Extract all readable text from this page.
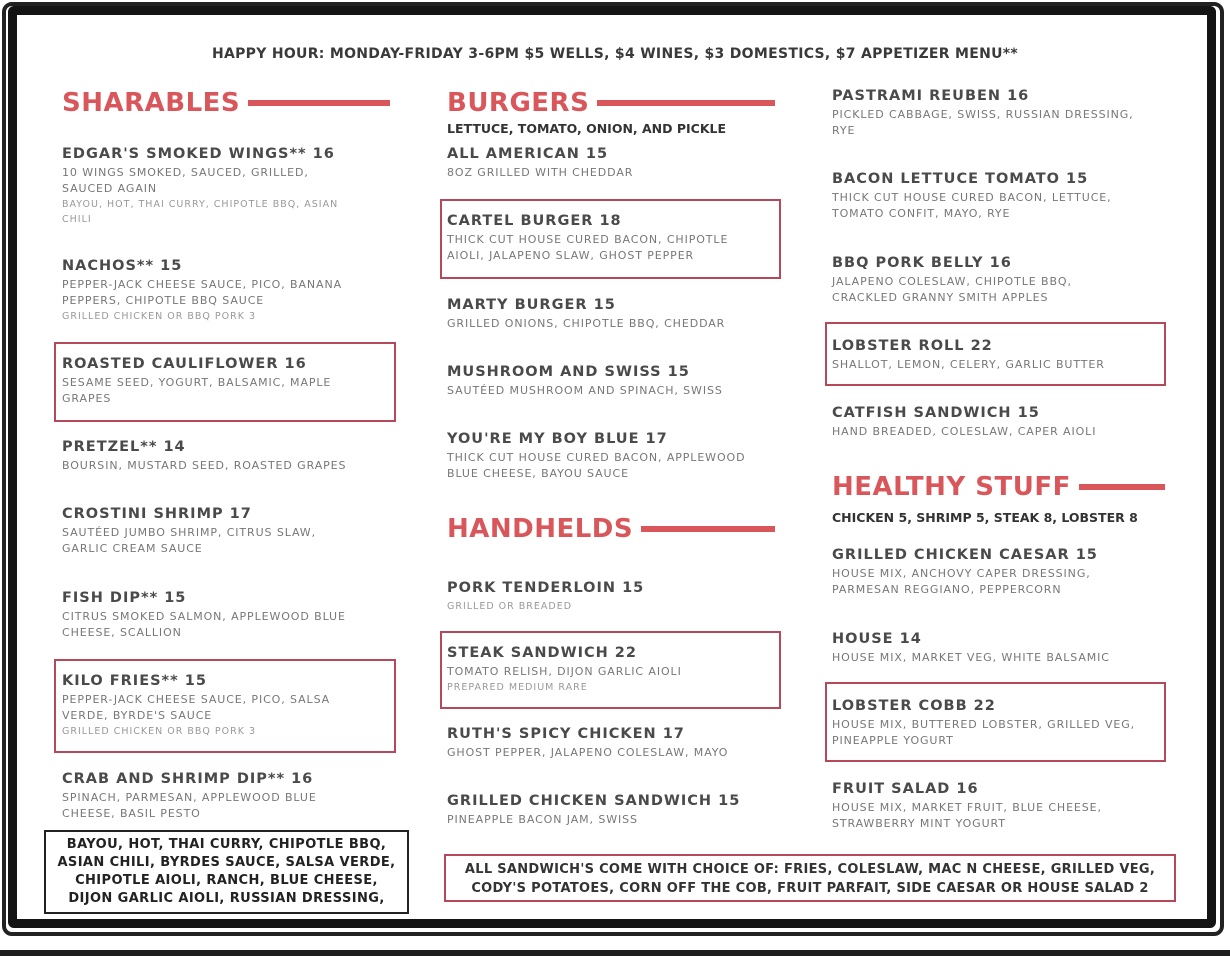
HAPPY HOUR: MONDAY-FRIDAY 3-6PM $5 WELLS, $4 WINES, $3 DOMESTICS, $7 APPETIZER MENU**
SHARABLES
EDGAR'S SMOKED WINGS** 16
10 WINGS SMOKED, SAUCED, GRILLED, SAUCED AGAIN
BAYOU, HOT, THAI CURRY, CHIPOTLE BBQ, ASIAN CHILI
NACHOS** 15
PEPPER-JACK CHEESE SAUCE, PICO, BANANA PEPPERS, CHIPOTLE BBQ SAUCE
GRILLED CHICKEN OR BBQ PORK 3
ROASTED CAULIFLOWER 16
SESAME SEED, YOGURT, BALSAMIC, MAPLE GRAPES
PRETZEL** 14
BOURSIN, MUSTARD SEED, ROASTED GRAPES
CROSTINI SHRIMP 17
SAUTÉED JUMBO SHRIMP, CITRUS SLAW, GARLIC CREAM SAUCE
FISH DIP** 15
CITRUS SMOKED SALMON, APPLEWOOD BLUE CHEESE, SCALLION
KILO FRIES** 15
PEPPER-JACK CHEESE SAUCE, PICO, SALSA VERDE, BYRDE'S SAUCE
GRILLED CHICKEN OR BBQ PORK 3
CRAB AND SHRIMP DIP** 16
SPINACH, PARMESAN, APPLEWOOD BLUE CHEESE, BASIL PESTO
BAYOU, HOT, THAI CURRY, CHIPOTLE BBQ,
ASIAN CHILI, BYRDES SAUCE, SALSA VERDE,
CHIPOTLE AIOLI, RANCH, BLUE CHEESE,
DIJON GARLIC AIOLI, RUSSIAN DRESSING,
BURGERS
LETTUCE, TOMATO, ONION, AND PICKLE
ALL AMERICAN 15
8OZ GRILLED WITH CHEDDAR
CARTEL BURGER 18
THICK CUT HOUSE CURED BACON, CHIPOTLE AIOLI, JALAPENO SLAW, GHOST PEPPER
MARTY BURGER 15
GRILLED ONIONS, CHIPOTLE BBQ, CHEDDAR
MUSHROOM AND SWISS 15
SAUTÉED MUSHROOM AND SPINACH, SWISS
YOU'RE MY BOY BLUE 17
THICK CUT HOUSE CURED BACON, APPLEWOOD BLUE CHEESE, BAYOU SAUCE
HANDHELDS
PORK TENDERLOIN 15
GRILLED OR BREADED
STEAK SANDWICH 22
TOMATO RELISH, DIJON GARLIC AIOLI
PREPARED MEDIUM RARE
RUTH'S SPICY CHICKEN 17
GHOST PEPPER, JALAPENO COLESLAW, MAYO
GRILLED CHICKEN SANDWICH 15
PINEAPPLE BACON JAM, SWISS
ALL SANDWICH'S COME WITH CHOICE OF: FRIES, COLESLAW, MAC N CHEESE, GRILLED VEG,
CODY'S POTATOES, CORN OFF THE COB, FRUIT PARFAIT, SIDE CAESAR OR HOUSE SALAD 2
PASTRAMI REUBEN 16
PICKLED CABBAGE, SWISS, RUSSIAN DRESSING, RYE
BACON LETTUCE TOMATO 15
THICK CUT HOUSE CURED BACON, LETTUCE, TOMATO CONFIT, MAYO, RYE
BBQ PORK BELLY 16
JALAPENO COLESLAW, CHIPOTLE BBQ, CRACKLED GRANNY SMITH APPLES
LOBSTER ROLL 22
SHALLOT, LEMON, CELERY, GARLIC BUTTER
CATFISH SANDWICH 15
HAND BREADED, COLESLAW, CAPER AIOLI
HEALTHY STUFF
CHICKEN 5, SHRIMP 5, STEAK 8, LOBSTER 8
GRILLED CHICKEN CAESAR 15
HOUSE MIX, ANCHOVY CAPER DRESSING, PARMESAN REGGIANO, PEPPERCORN
HOUSE 14
HOUSE MIX, MARKET VEG, WHITE BALSAMIC
LOBSTER COBB 22
HOUSE MIX, BUTTERED LOBSTER, GRILLED VEG, PINEAPPLE YOGURT
FRUIT SALAD 16
HOUSE MIX, MARKET FRUIT, BLUE CHEESE, STRAWBERRY MINT YOGURT
